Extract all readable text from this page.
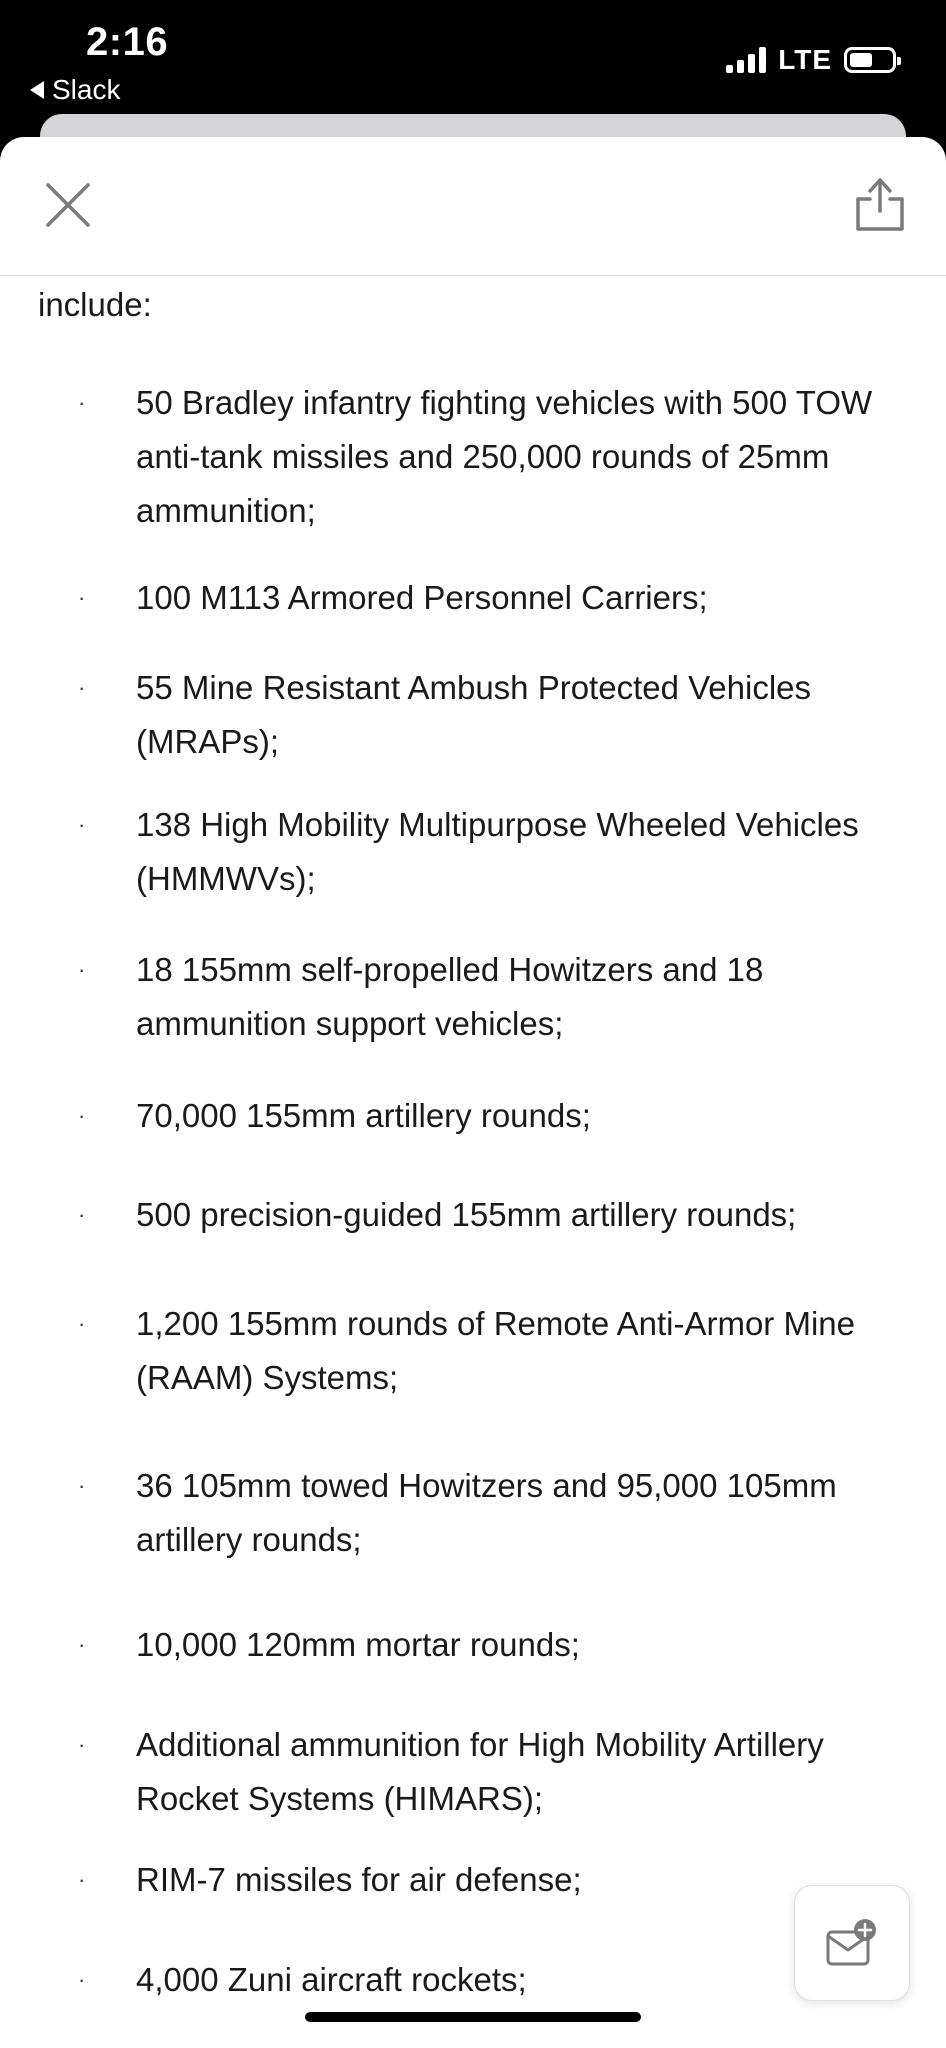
2:16
Slack
LTE

include:

· 50 Bradley infantry fighting vehicles with 500 TOW anti-tank missiles and 250,000 rounds of 25mm ammunition;

· 100 M113 Armored Personnel Carriers;

· 55 Mine Resistant Ambush Protected Vehicles (MRAPs);

· 138 High Mobility Multipurpose Wheeled Vehicles (HMMWVs);

· 18 155mm self-propelled Howitzers and 18 ammunition support vehicles;

· 70,000 155mm artillery rounds;

· 500 precision-guided 155mm artillery rounds;

· 1,200 155mm rounds of Remote Anti-Armor Mine (RAAM) Systems;

· 36 105mm towed Howitzers and 95,000 105mm artillery rounds;

· 10,000 120mm mortar rounds;

· Additional ammunition for High Mobility Artillery Rocket Systems (HIMARS);

· RIM-7 missiles for air defense;

· 4,000 Zuni aircraft rockets;
